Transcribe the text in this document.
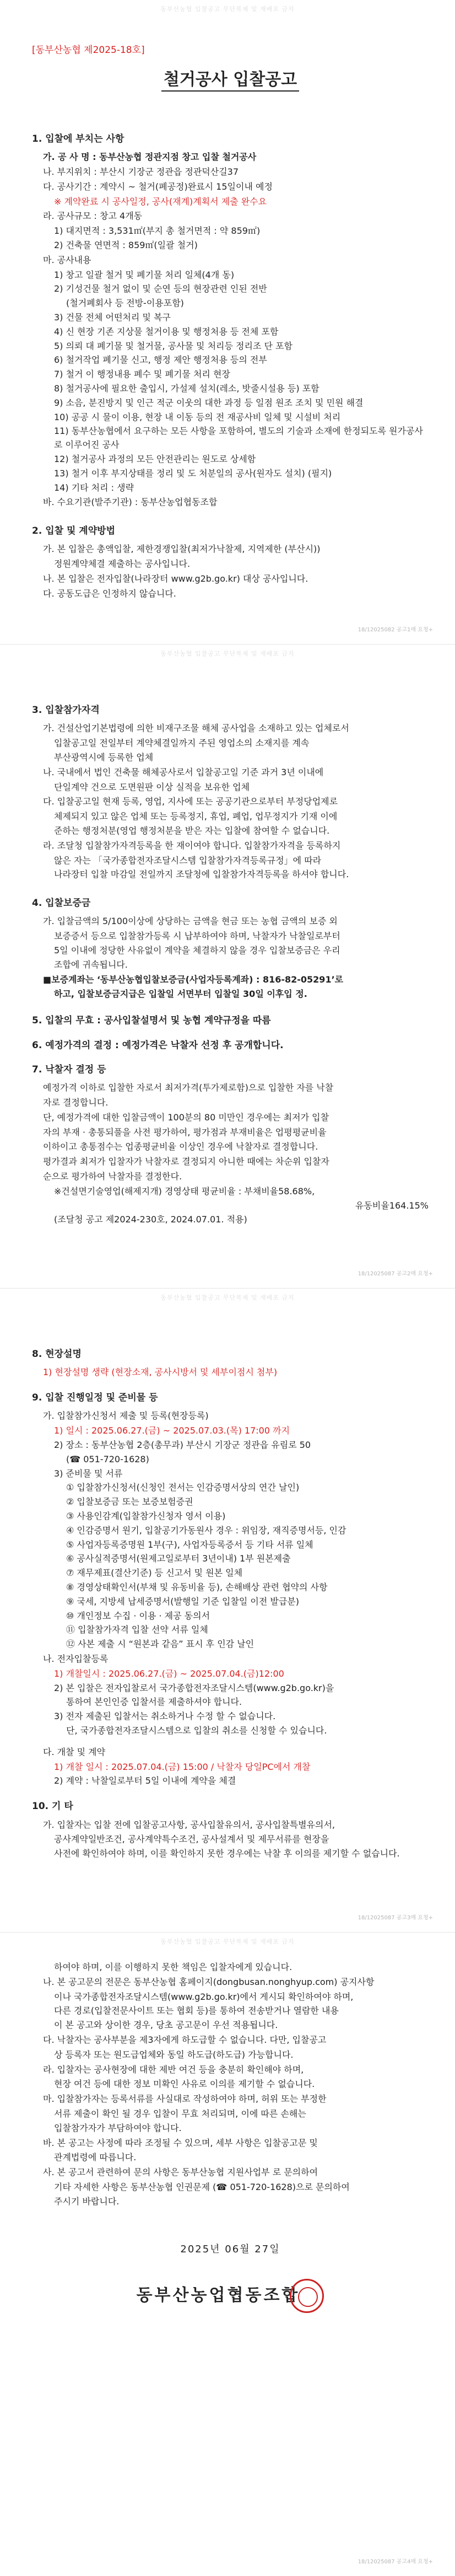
동부산농협 입찰공고 무단복제 및 재배포 금지
[동부산농협 제2025-18호]
철거공사 입찰공고
1. 입찰에 부치는 사항
가. 공 사 명 : 동부산농협 정관지점 창고 입찰 철거공사
나. 부지위치 : 부산시 기장군 정관읍 정관덕산길37
다. 공사기간 : 계약시 ~ 철거(폐공정)완료시 15일이내 예정
※ 계약완료 시 공사일정, 공사(재계)계획서 제출 완수요
라. 공사규모 : 창고 4개동
1) 대지면적 : 3,531㎡(부지 총 철거면적 : 약 859㎡)
2) 건축물 연면적 : 859㎡(일괄 철거)
마. 공사내용
1) 창고 일괄 철거 및 폐기물 처리 일체(4개 동)
2) 기성건물 철거 없이 및 순연 등의 현장관련 인된 전반
(철거폐회사 등 전방-이용포함)
3) 건물 전체 어떤처리 및 복구
4) 신 현장 기존 지상물 철거이용 및 행정처용 등 전체 포함
5) 의뢰 대 폐기물 및 철거물, 공사물 및 처리등 정리조 단 포함
6) 철거작업 폐기물 신고, 행정 제안 행정처용 등의 전부
7) 철거 이 행정내용 폐수 및 폐기물 처리 현장
8) 철거공사에 필요한 출입시, 가설제 설치(레소, 밧줄시설용 등) 포함
9) 소음, 분진방지 및 인근 적군 이웃의 대한 과정 등 일점 원조 조치 및 민원 해결
10) 공공 시 물이 이용, 현장 내 이동 등의 전 재공사비 일체 및 시설비 처리
11) 동부산농협에서 요구하는 모든 사항을 포함하여, 별도의 기술과 소재에 한정되도록 원가공사로 이루어진 공사
12) 철거공사 과정의 모든 안전관리는 원도로 상세함
13) 철거 이후 부지상태를 정리 및 도 처분일의 공사(원자도 설치) (필지)
14) 기타 처리 : 생략
바. 수요기관(발주기관) : 동부산농업협동조합
2. 입찰 및 계약방법
가. 본 입찰은 총액입찰, 제한경쟁입찰(최저가낙찰제, 지역제한 (부산시))
정원계약체결 제출하는 공사입니다.
나. 본 입찰은 전자입찰(나라장터 www.g2b.go.kr) 대상 공사입니다.
다. 공동도급은 인정하지 않습니다.
18/12025082 공고1매 요청+
동부산농협 입찰공고 무단복제 및 재배포 금지
3. 입찰참가자격
가. 건설산업기본법령에 의한 비재구조물 해체 공사업을 소재하고 있는 업체로서
입찰공고일 전일부터 계약체결일까지 주된 영업소의 소재지를 계속
부산광역시에 등록한 업체
나. 국내에서 법인 건축물 해체공사로서 입찰공고일 기준 과거 3년 이내에
단일계약 건으로 도면원판 이상 실적을 보유한 업체
다. 입찰공고일 현재 등록, 영업, 지사에 또는 공공기관으로부터 부정당업제로
체제되지 있고 않은 업체 또는 등록정지, 휴업, 폐업, 업무정지가 기재 이에
준하는 행정처분(영업 행정처분을 받은 자는 입찰에 참여할 수 없습니다.
라. 조달청 입찰참가자격등록을 한 재이여야 합니다. 입찰참가자격을 등록하지
않은 자는 「국가종합전자조달시스템 입찰참가자격등록규정」에 따라
나라장터 입찰 마감일 전일까지 조달청에 입찰참가자격등록을 하셔야 합니다.
4. 입찰보증금
가. 입찰금액의 5/100이상에 상당하는 금액을 현금 또는 농협 금액의 보증 외
보증증서 등으로 입찰참가등록 시 납부하여야 하며, 낙찰자가 낙찰일로부터
5일 이내에 정당한 사유없이 계약을 체결하지 않을 경우 입찰보증금은 우리
조합에 귀속됩니다.
■보증계좌는 ‘동부산농협입찰보증금(사업자등록계좌) : 816-82-05291’로
하고, 입찰보증금지급은 입찰일 서면부터 입찰일 30일 이후입 정.
5. 입찰의 무효 : 공사입찰설명서 및 농협 계약규정을 따름
6. 예정가격의 결정 : 예정가격은 낙찰자 선정 후 공개합니다.
7. 낙찰자 결정 등
예정가격 이하로 입찰한 자로서 최저가격(투가제로함)으로 입찰한 자를 낙찰
자로 결정합니다.
단, 예정가격에 대한 입찰금액이 100분의 80 미만인 경우에는 최저가 입찰
자의 부재 · 총통되풀을 사전 평가하여, 평가점과 부재비율은 업평평균비율
이하이고 총통점수는 업종평균비율 이상인 경우에 낙찰자로 결정합니다.
평가결과 최저가 입찰자가 낙찰자로 결정되지 아니한 때에는 차순위 입찰자
순으로 평가하여 낙찰자를 결정한다.
※건설면기술영업(해제지개) 경영상태 평균비율 : 부채비율58.68%,
유동비율164.15%
(조달청 공고 제2024-230호, 2024.07.01. 적용)
18/12025087 공고2매 요청+
동부산농협 입찰공고 무단복제 및 재배포 금지
8. 현장설명
1) 현장설명 생략 (현장소재, 공사시방서 및 세부이점시 첨부)
9. 입찰 진행일정 및 준비물 등
가. 입찰참가신청서 제출 및 등록(현장등록)
1) 일시 : 2025.06.27.(금) ~ 2025.07.03.(목) 17:00 까지
2) 장소 : 동부산농협 2층(총무과) 부산시 기장군 정관읍 유림로 50
(☎ 051-720-1628)
3) 준비물 및 서류
① 입찰참가신청서(신청인 전서는 인감증명서상의 연간 날인)
② 입찰보증금 또는 보증보험증권
③ 사용인감계(입찰참가신청자 영서 이용)
④ 인감증명서 원기, 입찰공기가동원사 경우 : 위임장, 재직증명서등, 인감
⑤ 사업자등록증명원 1부(구), 사업자등록증서 등 기타 서류 일체
⑥ 공사실적증명서(원제고일로부터 3년이내) 1부 원본제출
⑦ 재무제표(결산기준) 등 신고서 및 원본 일체
⑧ 경영상태확인서(부채 및 유동비율 등), 손해배상 관련 협약의 사항
⑨ 국세, 지방세 납세증명서(발행일 기준 입찰일 이전 발급분)
⑩ 개인정보 수집 · 이용 · 제공 동의서
⑪ 입찰참가자격 입찰 선약 서류 일체
⑫ 사본 제출 시 “원본과 같음” 표시 후 인감 날인
나. 전자입찰등록
1) 개찰일시 : 2025.06.27.(금) ~ 2025.07.04.(금)12:00
2) 본 입찰은 전자입찰로서 국가종합전자조달시스템(www.g2b.go.kr)을
통하여 본인인증 입찰서를 제출하셔야 합니다.
3) 전자 제출된 입찰서는 취소하거나 수정 할 수 없습니다.
단, 국가종합전자조달시스템으로 입찰의 취소를 신청할 수 있습니다.
다. 개찰 및 계약
1) 개찰 일시 : 2025.07.04.(금) 15:00 / 낙찰자 당일PC에서 개찰
2) 계약 : 낙찰일로부터 5일 이내에 계약을 체결
10. 기 타
가. 입찰자는 입찰 전에 입찰공고사항, 공사입찰유의서, 공사입찰특별유의서,
공사계약일반조건, 공사계약특수조건, 공사설계서 및 제무서류를 현장을
사전에 확인하여야 하며, 이를 확인하지 못한 경우에는 낙찰 후 이의를 제기할 수 없습니다.
18/12025087 공고3매 요청+
동부산농협 입찰공고 무단복제 및 재배포 금지
하여야 하며, 이를 이행하지 못한 책임은 입찰자에게 있습니다.
나. 본 공고문의 전문은 동부산농협 홈페이지(dongbusan.nonghyup.com) 공지사항
이나 국가종합전자조달시스템(www.g2b.go.kr)에서 게시되 확인하여야 하며,
다른 경로(입찰전문사이트 또는 협회 등)를 통하여 전송받거나 열람한 내용
이 본 공고와 상이한 경우, 당초 공고문이 우선 적용됩니다.
다. 낙찰자는 공사부분을 제3자에게 하도급할 수 없습니다. 다만, 입찰공고
상 등록자 또는 원도급업체와 동일 하도급(하도급) 가능합니다.
라. 입찰자는 공사현장에 대한 제반 여건 등을 충분히 확인해야 하며,
현장 여건 등에 대한 정보 미확인 사유로 이의를 제기할 수 없습니다.
마. 입찰참가자는 등록서류를 사실대로 작성하여야 하며, 허위 또는 부정한
서류 제출이 확인 될 경우 입찰이 무효 처리되며, 이에 따른 손해는
입찰참가자가 부담하여야 합니다.
바. 본 공고는 사정에 따라 조정될 수 있으며, 세부 사항은 입찰공고문 및
관계법령에 따릅니다.
사. 본 공고서 관련하여 문의 사항은 동부산농협 지원사업부 로 문의하여
기타 자세한 사항은 동부산농협 인권문제 (☎ 051-720-1628)으로 문의하여
주시기 바랍니다.
2025년 06월 27일
동부산농업협동조합
18/12025087 공고4매 요청+
